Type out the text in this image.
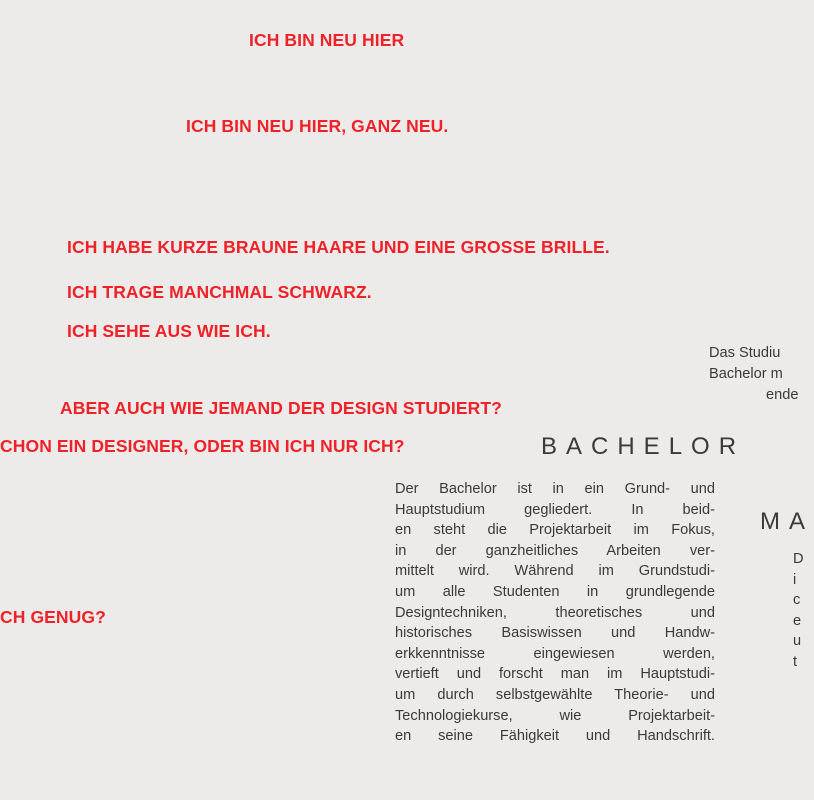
ICH BIN NEU HIER
ICH BIN NEU HIER, GANZ NEU.
ICH HABE KURZE BRAUNE HAARE UND EINE GROSSE BRILLE.
ICH TRAGE MANCHMAL SCHWARZ.
ICH SEHE AUS WIE ICH.
ABER AUCH WIE JEMAND DER DESIGN STUDIERT?
CHON EIN DESIGNER, ODER BIN ICH NUR ICH?
CH GENUG?
Das Studiu
Bachelor m
ende
BACHELOR
Der Bachelor ist in ein Grund- und
Hauptstudium gegliedert. In beid-
en steht die Projektarbeit im Fokus,
in der ganzheitliches Arbeiten ver-
mittelt wird. Während im Grundstudi-
um alle Studenten in grundlegende
Designtechniken, theoretisches und
historisches Basiswissen und Handw-
erkkenntnisse eingewiesen werden,
vertieft und forscht man im Hauptstudi-
um durch selbstgewählte Theorie- und
Technologiekurse, wie Projektarbeit-
en seine Fähigkeit und Handschrift.
MA
D
i
c
e
u
t
